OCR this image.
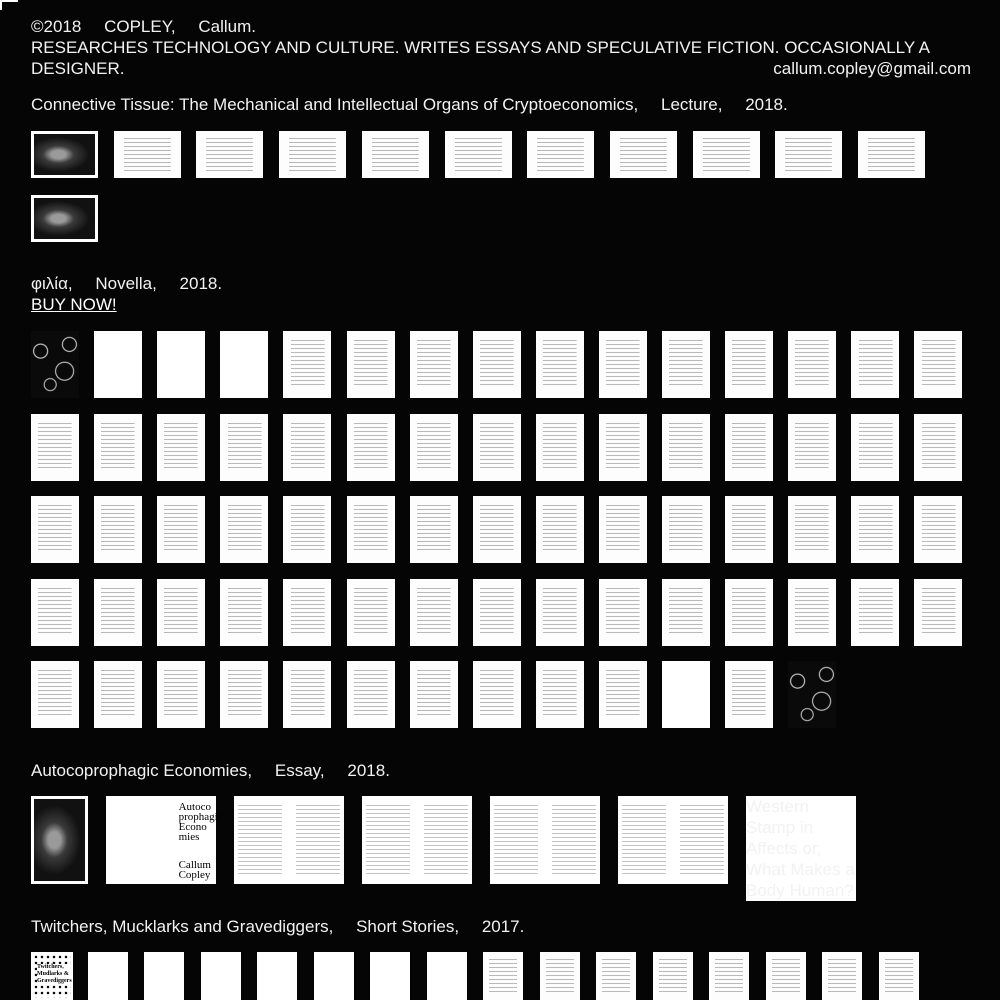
©2018 COPLEY, Callum.
RESEARCHES TECHNOLOGY AND CULTURE. WRITES ESSAYS AND SPECULATIVE FICTION. OCCASIONALLY A DESIGNER.	callum.copley@gmail.com
Connective Tissue: The Mechanical and Intellectual Organs of Cryptoeconomics, Lecture, 2018.
φιλία, Novella, 2018.
BUY NOW!
Autocoprophagic Economies, Essay, 2018.
Twitchers, Mucklarks and Gravediggers, Short Stories, 2017.
Autoco prophagic Econo mies
Callum Copley
Western Stamp in Affects or, What Makes a Body Human?
Twitchers, Mudlarks & Gravediggers
